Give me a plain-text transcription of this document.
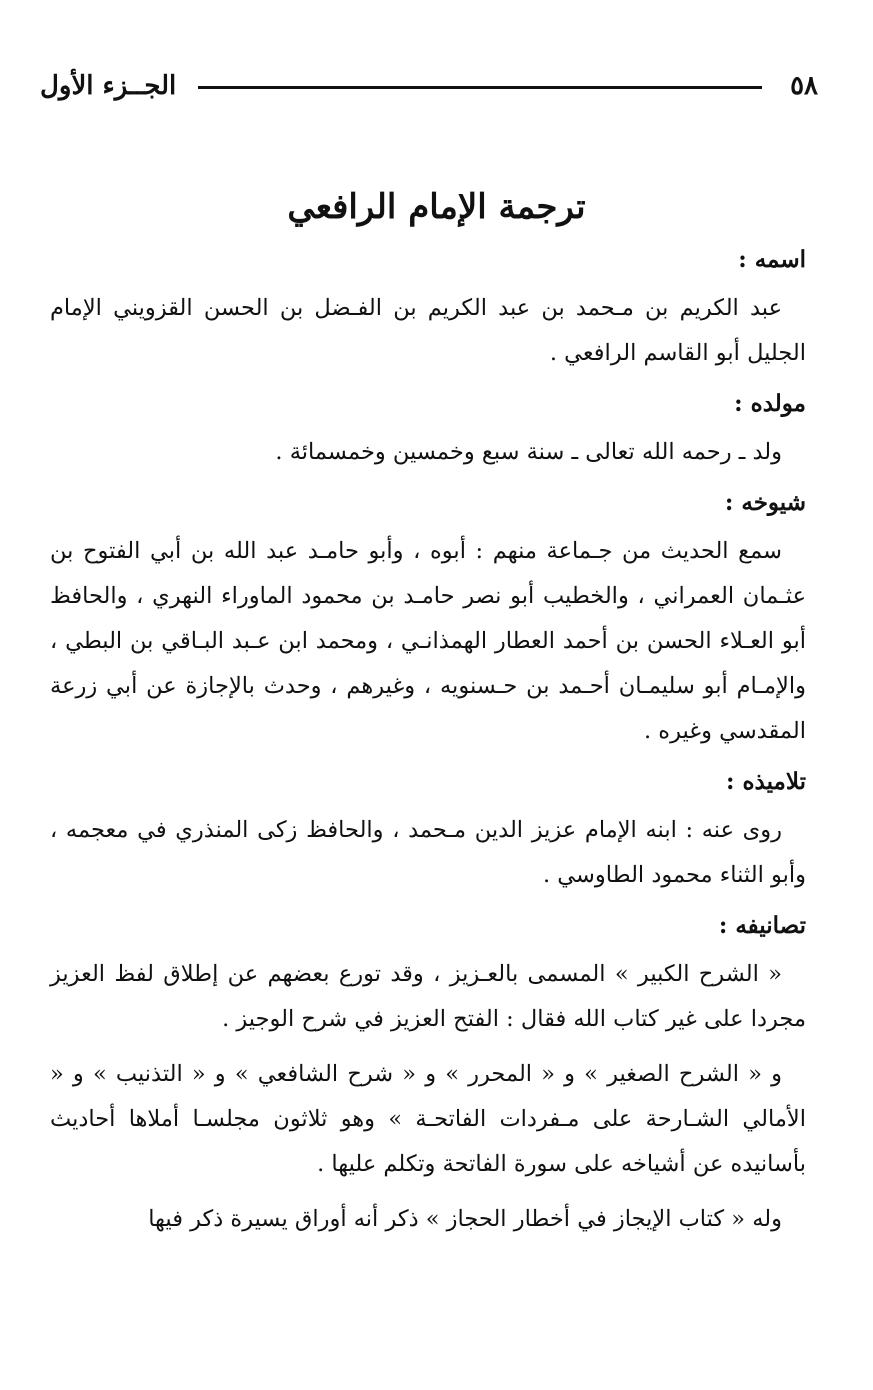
٥٨
الجــزء الأول
ترجمة الإمام الرافعي
اسمه :

عبد الكريم بن مـحمد بن عبد الكريم بن الفـضل بن الحسن القزويني الإمام الجليل أبو القاسم الرافعي .

مولده :

ولد ـ رحمه الله تعالى ـ سنة سبع وخمسين وخمسمائة .

شيوخه :

سمع الحديث من جـماعة منهم : أبوه ، وأبو حامـد عبد الله بن أبي الفتوح بن عثـمان العمراني ، والخطيب أبو نصر حامـد بن محمود الماوراء النهري ، والحافظ أبو العـلاء الحسن بن أحمد العطار الهمذانـي ، ومحمد ابن عـبد البـاقي بن البطي ، والإمـام أبو سليمـان أحـمد بن حـسنويه ، وغيرهم ، وحدث بالإجازة عن أبي زرعة المقدسي وغيره .

تلاميذه :

روى عنه : ابنه الإمام عزيز الدين مـحمد ، والحافظ زكى المنذري في معجمه ، وأبو الثناء محمود الطاوسي .

تصانيفه :

« الشرح الكبير » المسمى بالعـزيز ، وقد تورع بعضهم عن إطلاق لفظ العزيز مجردا على غير كتاب الله فقال : الفتح العزيز في شرح الوجيز .

و « الشرح الصغير » و « المحرر » و « شرح الشافعي » و « التذنيب » و « الأمالي الشـارحة على مـفردات الفاتحـة » وهو ثلاثون مجلسـا أملاها أحاديث بأسانيده عن أشياخه على سورة الفاتحة وتكلم عليها .

وله « كتاب الإيجاز في أخطار الحجاز » ذكر أنه أوراق يسيرة ذكر فيها
